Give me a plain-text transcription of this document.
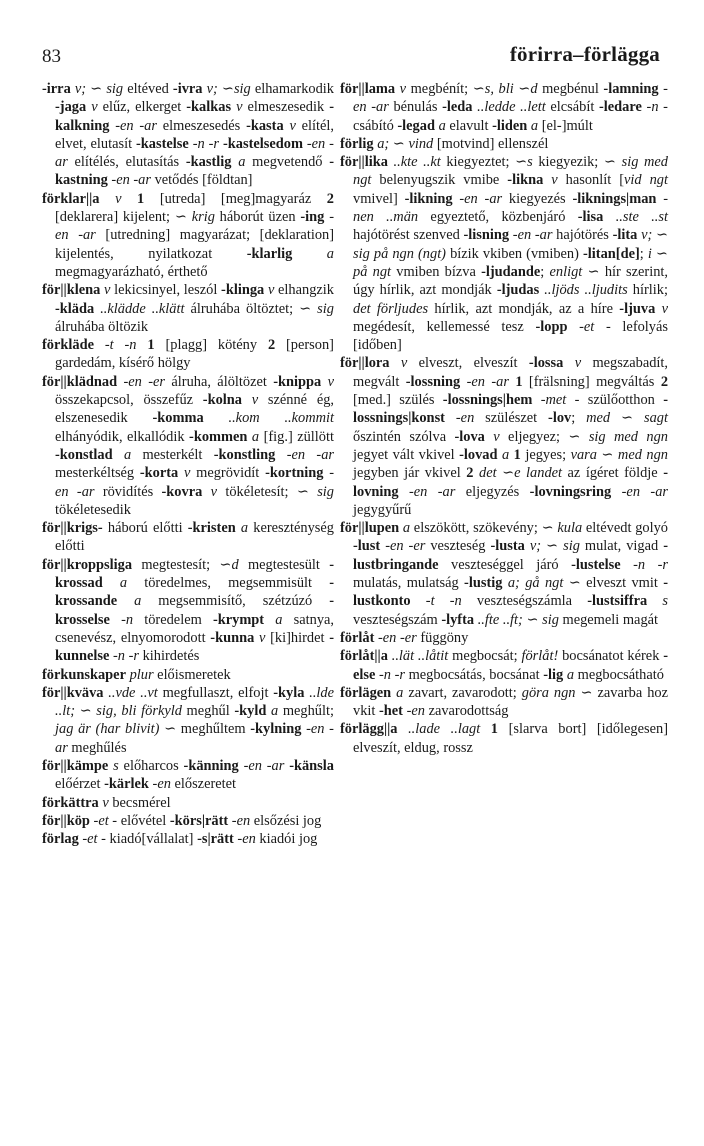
83	förirra–förlägga

-irra v; ∽ sig eltéved -ivra v; ∽sig elhamarkodik -jaga v elűz, elkerget -kalkas v elmeszesedik -kalkning -en -ar elmeszesedés -kasta v elítél, elvet, elutasít -kastelse -n -r -kastelsedom -en -ar elítélés, elutasítás -kastlig a megvetendő -kastning -en -ar vetődés [földtan]

förklar||a v 1 [utreda] [meg]magyaráz 2 [deklarera] kijelent; ∽ krig háborút üzen -ing -en -ar [utredning] magyarázat; [deklaration] kijelentés, nyilatkozat -klarlig a megmagyarázható, érthető

för||klena v lekicsinyel, leszól -klinga v elhangzik -kläda ..klädde ..klätt álruhába öltöztet; ∽ sig álruhába öltözik

förkläde -t -n 1 [plagg] kötény 2 [person] gardedám, kísérő hölgy

för||klädnad -en -er álruha, álöltözet -knippa v összekapcsol, összefűz -kolna v szénné ég, elszenesedik -komma ..kom ..kommit elhányódik, elkallódik -kommen a [fig.] züllött -konstlad a mesterkélt -konstling -en -ar mesterkéltség -korta v megrövidít -kortning -en -ar rövidítés -kovra v tökéletesít; ∽ sig tökéletesedik

för||krigs- háború előtti -kristen a kereszténység előtti

för||kroppsliga megtestesít; ∽d megtestesült -krossad a töredelmes, megsemmisült -krossande a megsemmisítő, szétzúzó -krosselse -n töredelem -krympt a satnya, csenevész, elnyomorodott -kunna v [ki]hirdet -kunnelse -n -r kihirdetés

förkunskaper plur előismeretek

för||kväva ..vde ..vt megfullaszt, elfojt -kyla ..lde ..lt; ∽ sig, bli förkyld meghűl -kyld a meghűlt; jag är (har blivit) ∽ meghűltem -kylning -en -ar meghűlés

för||kämpe s előharcos -känning -en -ar -känsla előérzet -kärlek -en előszeretet

förkättra v becsmérel

för||köp -et - elővétel -körs|rätt -en elsőzési jog

förlag -et - kiadó[vállalat] -s|rätt -en kiadói jog

för||lama v megbénít; ∽s, bli ∽d megbénul -lamning -en -ar bénulás -leda ..ledde ..lett elcsábít -ledare -n - csábító -legad a elavult -liden a [el-]múlt

förlig a; ∽ vind [motvind] ellenszél

för||lika ..kte ..kt kiegyeztet; ∽s kiegyezik; ∽ sig med ngt belenyugszik vmibe -likna v hasonlít [vid ngt vmivel] -likning -en -ar kiegyezés -liknings|man -nen ..män egyeztető, közbenjáró -lisa ..ste ..st hajótörést szenved -lisning -en -ar hajótörés -lita v; ∽ sig på ngn (ngt) bízik vkiben (vmiben) -litan[de]; i ∽ på ngt vmiben bízva -ljudande; enligt ∽ hír szerint, úgy hírlik, azt mondják -ljudas ..ljöds ..ljudits hírlik; det förljudes hírlik, azt mondják, az a híre -ljuva v megédesít, kellemessé tesz -lopp -et - lefolyás [időben]

för||lora v elveszt, elveszít -lossa v megszabadít, megvált -lossning -en -ar 1 [frälsning] megváltás 2 [med.] szülés -lossnings|hem -met - szülőotthon -lossnings|konst -en szülészet -lov; med ∽ sagt őszintén szólva -lova v eljegyez; ∽ sig med ngn jegyet vált vkivel -lovad a 1 jegyes; vara ∽ med ngn jegyben jár vkivel 2 det ∽e landet az ígéret földje -lovning -en -ar eljegyzés -lovningsring -en -ar jegygyűrű

för||lupen a elszökött, szökevény; ∽ kula eltévedt golyó -lust -en -er veszteség -lusta v; ∽ sig mulat, vigad -lustbringande veszteséggel járó -lustelse -n -r mulatás, mulatság -lustig a; gå ngt ∽ elveszt vmit -lustkonto -t -n veszteségszámla -lustsiffra s veszteségszám -lyfta ..fte ..ft; ∽ sig megemeli magát

förlåt -en -er függöny

förlåt||a ..lät ..låtit megbocsát; förlåt! bocsánatot kérek -else -n -r megbocsátás, bocsánat -lig a megbocsátható

förlägen a zavart, zavarodott; göra ngn ∽ zavarba hoz vkit -het -en zavarodottság

förlägg||a ..lade ..lagt 1 [slarva bort] [időlegesen] elveszít, eldug, rossz
